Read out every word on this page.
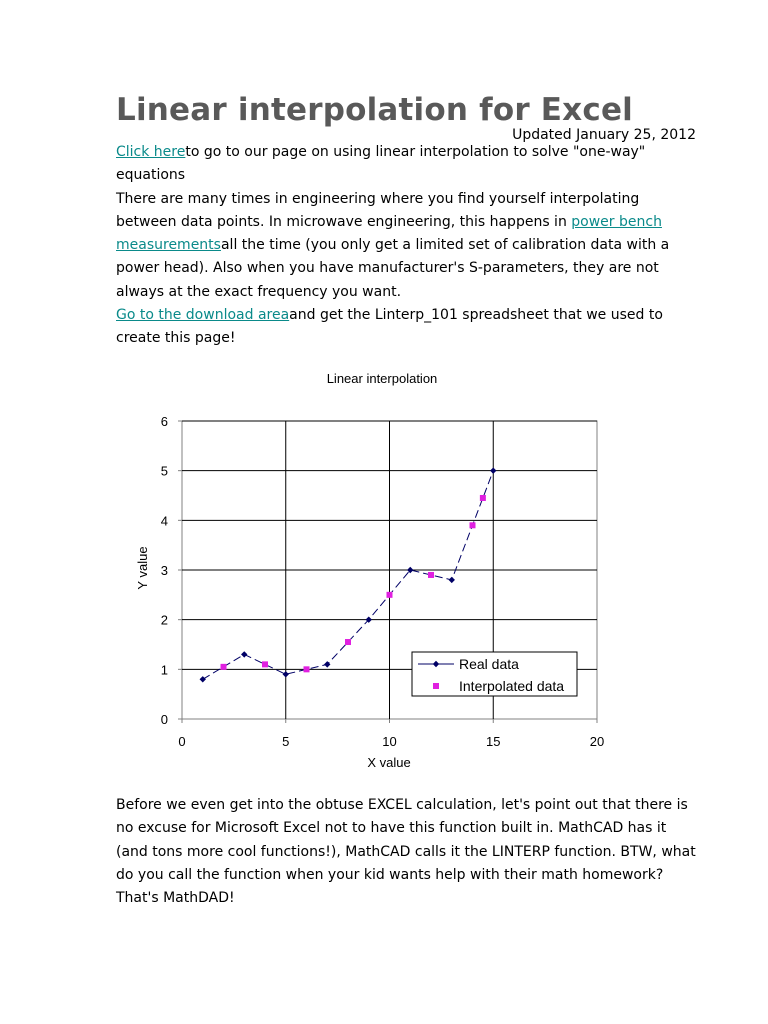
Linear interpolation for Excel
Updated January 25, 2012

Click hereto go to our page on using linear interpolation to solve "one-way" equations

There are many times in engineering where you find yourself interpolating between data points. In microwave engineering, this happens in power bench measurementsall the time (you only get a limited set of calibration data with a power head). Also when you have manufacturer's S-parameters, they are not always at the exact frequency you want.

Go to the download areaand get the Linterp_101 spreadsheet that we used to create this page!

Linear interpolation
X value
Y value
0
1
2
3
4
5
6
0	5	10	15	20
Real data
Interpolated data

Before we even get into the obtuse EXCEL calculation, let's point out that there is no excuse for Microsoft Excel not to have this function built in. MathCAD has it (and tons more cool functions!), MathCAD calls it the LINTERP function. BTW, what do you call the function when your kid wants help with their math homework? That's MathDAD!
